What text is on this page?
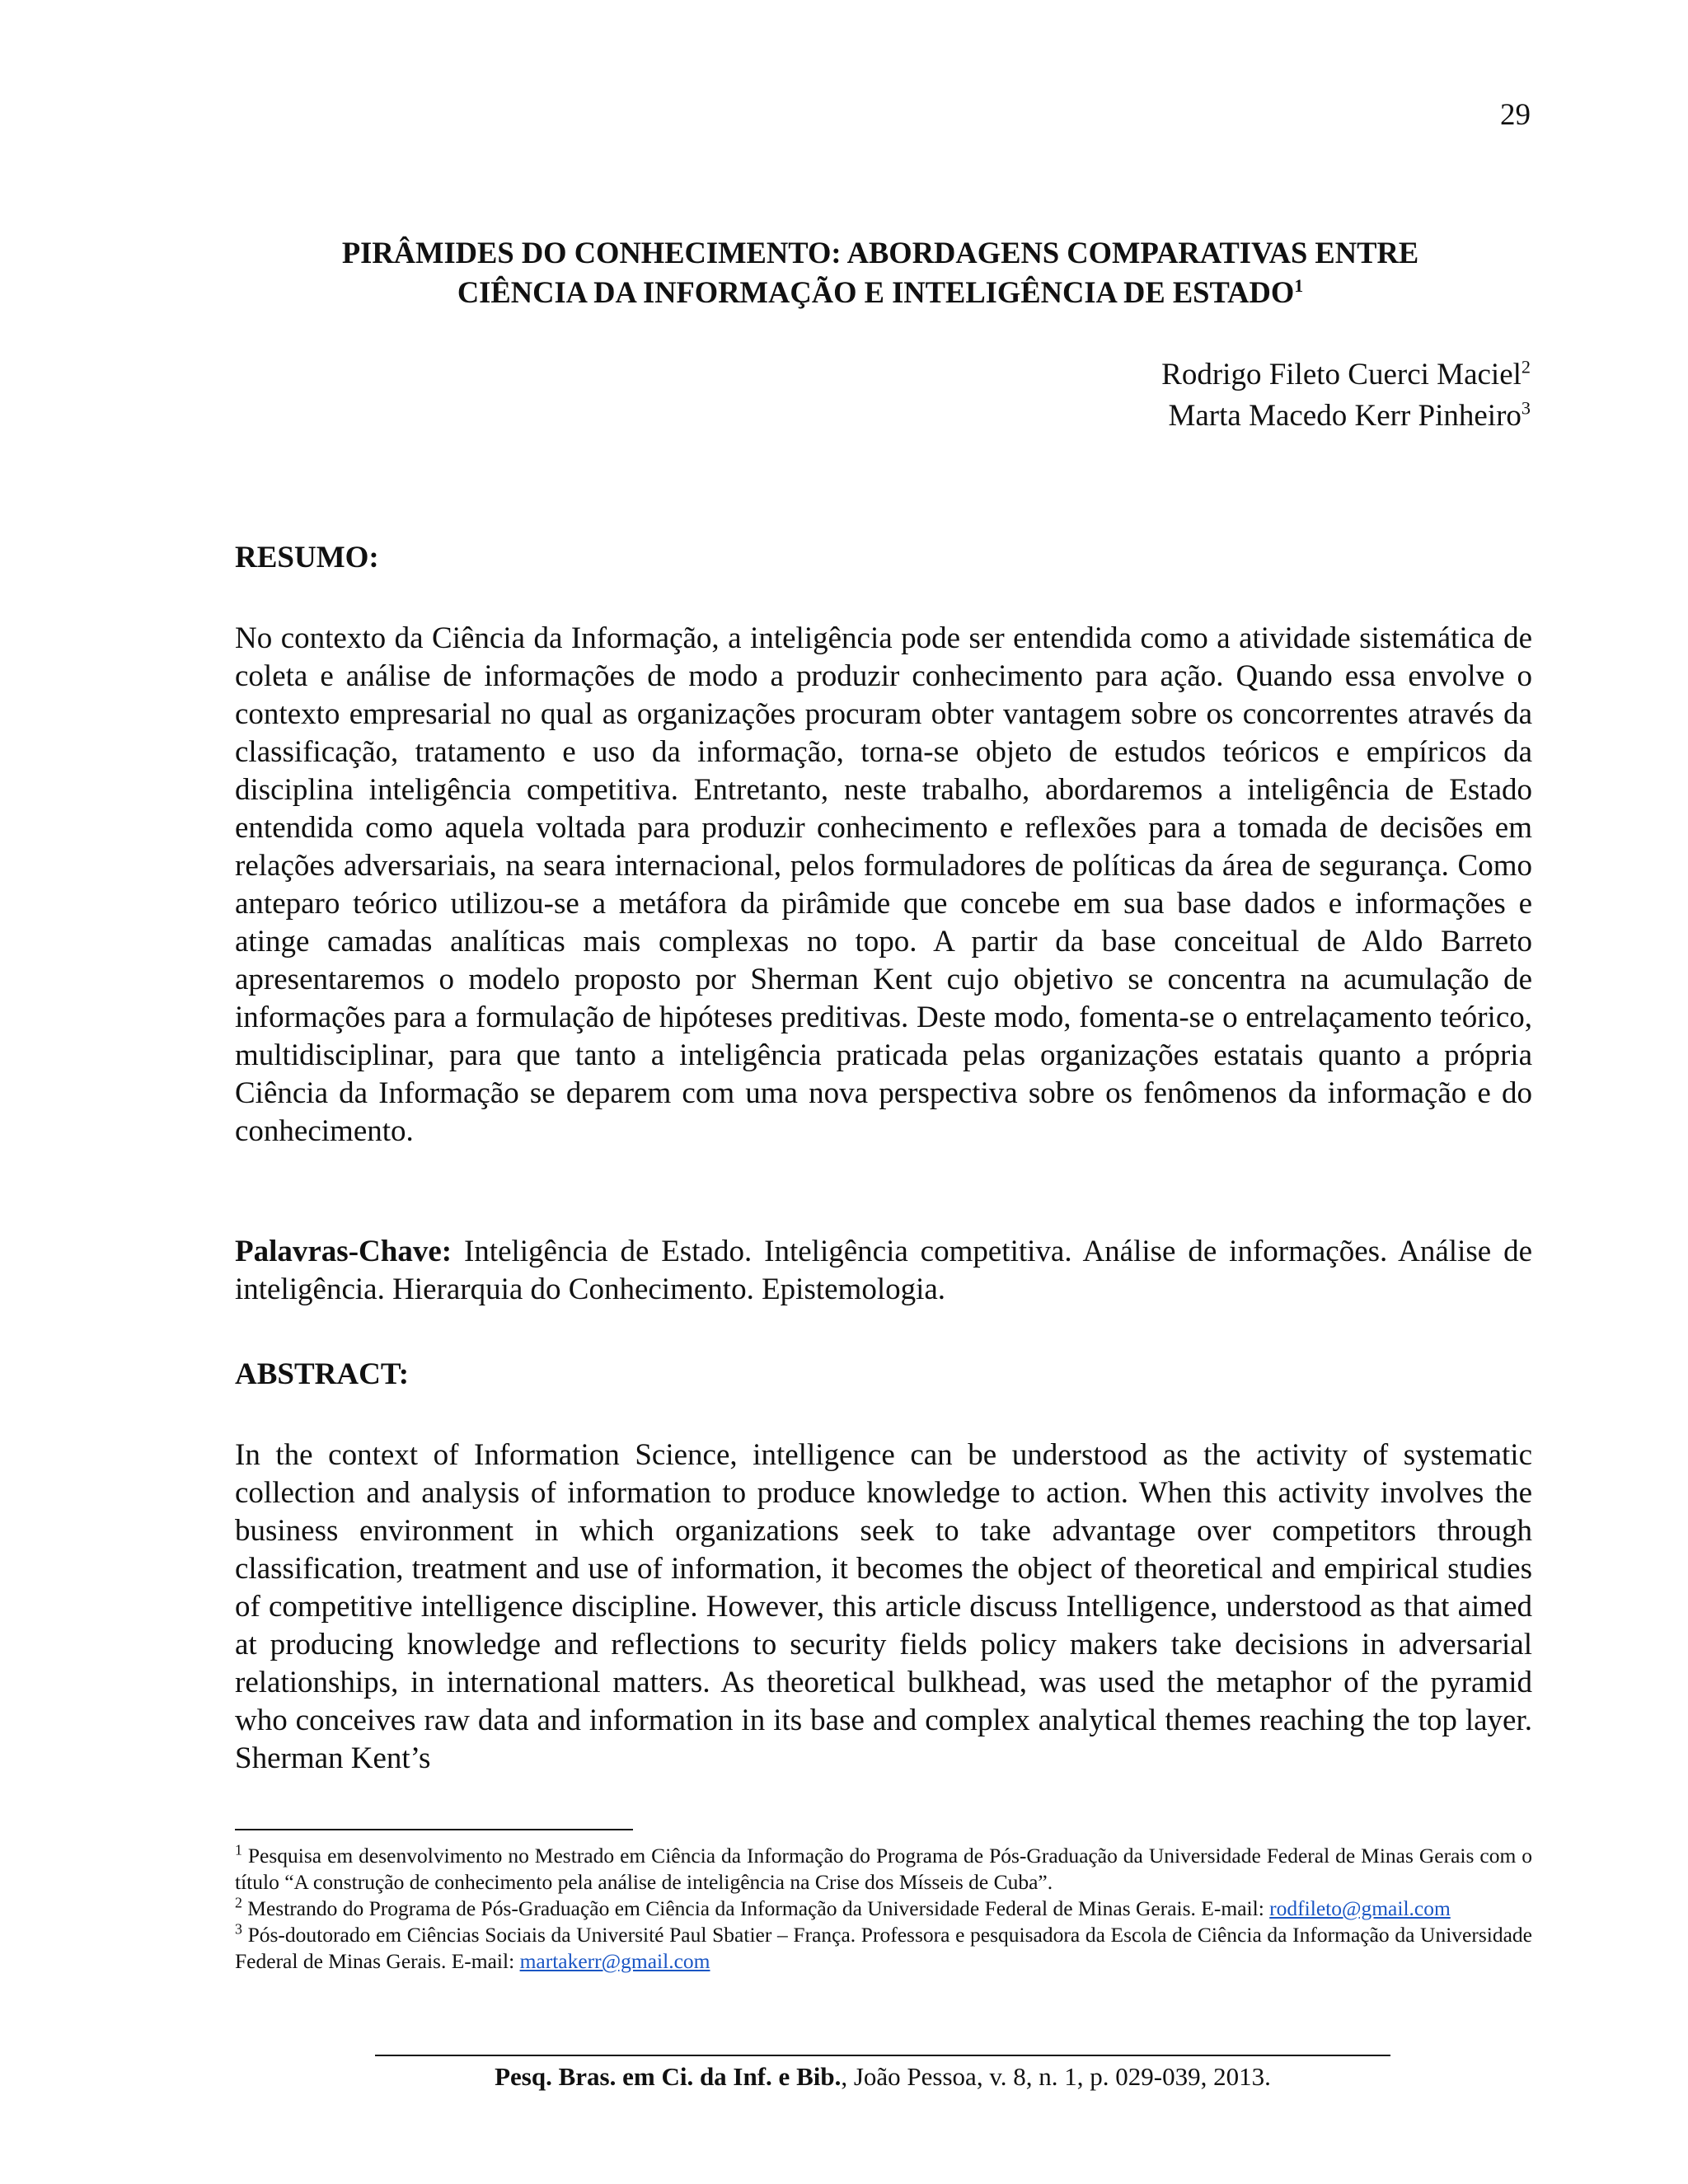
29

PIRÂMIDES DO CONHECIMENTO: ABORDAGENS COMPARATIVAS ENTRE

CIÊNCIA DA INFORMAÇÃO E INTELIGÊNCIA DE ESTADO$^1$

Rodrigo Fileto Cuerci Maciel$^2$
Marta Macedo Kerr Pinheiro$^3$
RESUMO:

No contexto da Ciência da Informação, a inteligência pode ser entendida como a atividade sistemática de coleta e análise de informações de modo a produzir conhecimento para ação. Quando essa envolve o contexto empresarial no qual as organizações procuram obter vantagem sobre os concorrentes através da classificação, tratamento e uso da informação, torna-se objeto de estudos teóricos e empíricos da disciplina inteligência competitiva. Entretanto, neste trabalho, abordaremos a inteligência de Estado entendida como aquela voltada para produzir conhecimento e reflexões para a tomada de decisões em relações adversariais, na seara internacional, pelos formuladores de políticas da área de segurança. Como anteparo teórico utilizou-se a metáfora da pirâmide que concebe em sua base dados e informações e atinge camadas analíticas mais complexas no topo. A partir da base conceitual de Aldo Barreto apresentaremos o modelo proposto por Sherman Kent cujo objetivo se concentra na acumulação de informações para a formulação de hipóteses preditivas. Deste modo, fomenta-se o entrelaçamento teórico, multidisciplinar, para que tanto a inteligência praticada pelas organizações estatais quanto a própria Ciência da Informação se deparem com uma nova perspectiva sobre os fenômenos da informação e do conhecimento.

Palavras-Chave: Inteligência de Estado. Inteligência competitiva. Análise de informações. Análise de inteligência. Hierarquia do Conhecimento. Epistemologia.

ABSTRACT:

In the context of Information Science, intelligence can be understood as the activity of systematic collection and analysis of information to produce knowledge to action. When this activity involves the business environment in which organizations seek to take advantage over competitors through classification, treatment and use of information, it becomes the object of theoretical and empirical studies of competitive intelligence discipline. However, this article discuss Intelligence, understood as that aimed at producing knowledge and reflections to security fields policy makers take decisions in adversarial relationships, in international matters. As theoretical bulkhead, was used the metaphor of the pyramid who conceives raw data and information in its base and complex analytical themes reaching the top layer. Sherman Kent’s

$^1$ Pesquisa em desenvolvimento no Mestrado em Ciência da Informação do Programa de Pós-Graduação da Universidade Federal de Minas Gerais com o título “A construção de conhecimento pela análise de inteligência na Crise dos Mísseis de Cuba”.

$^2$ Mestrando do Programa de Pós-Graduação em Ciência da Informação da Universidade Federal de Minas Gerais. E-mail: rodfileto@gmail.com

$^3$ Pós-doutorado em Ciências Sociais da Université Paul Sbatier – França. Professora e pesquisadora da Escola de Ciência da Informação da Universidade Federal de Minas Gerais. E-mail: martakerr@gmail.com

Pesq. Bras. em Ci. da Inf. e Bib., João Pessoa, v. 8, n. 1, p. 029-039, 2013.
